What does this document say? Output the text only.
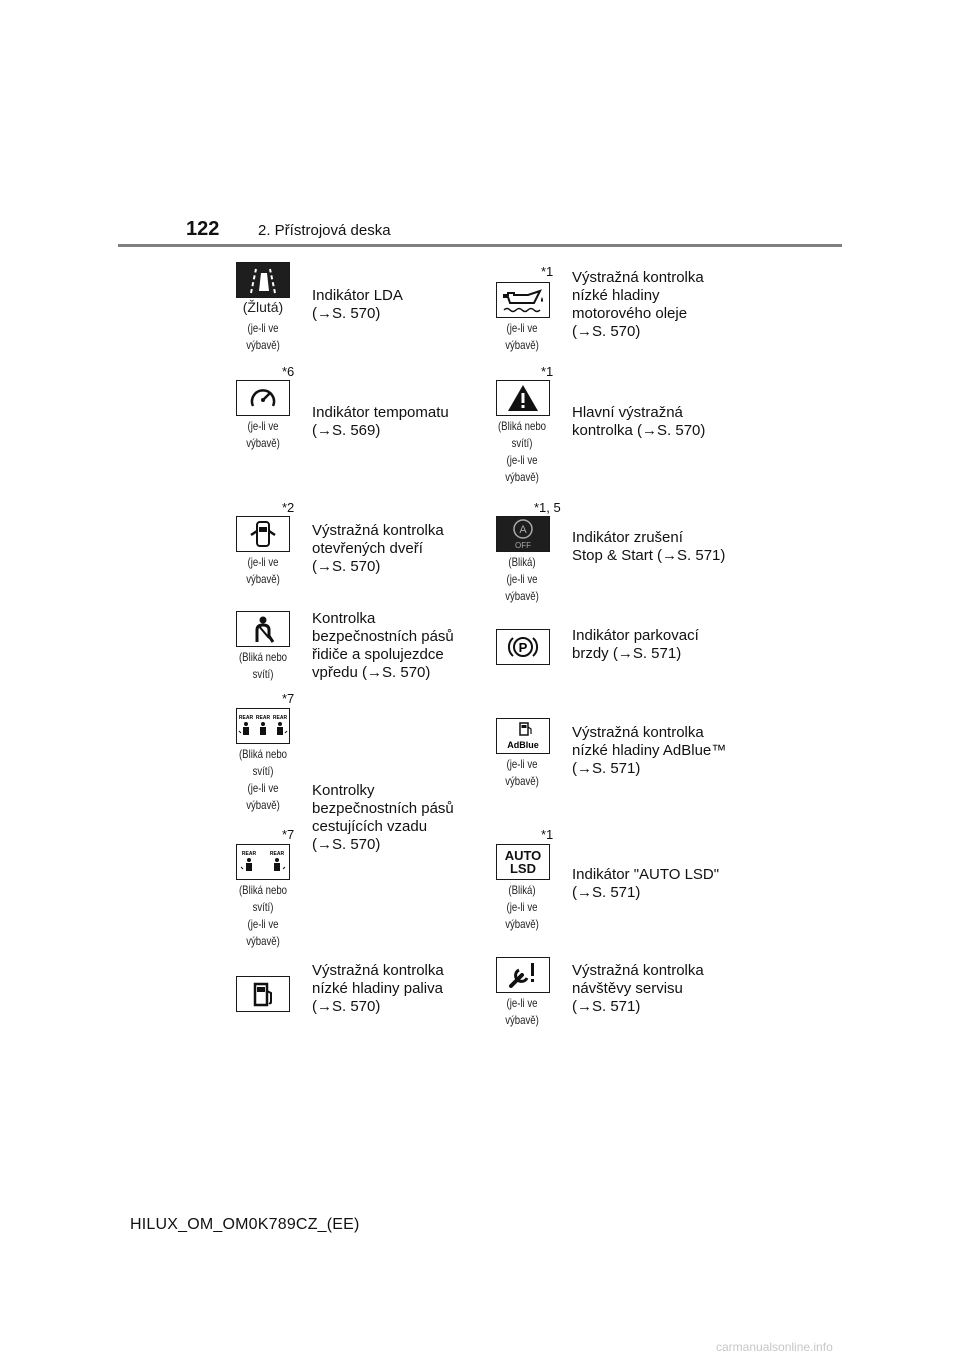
122	2. Přístrojová deska
(Žlutá)
(je-li ve
výbavě)
Indikátor LDA
(→S. 570)
*6
(je-li ve
výbavě)
Indikátor tempomatu
(→S. 569)
*2
(je-li ve
výbavě)
Výstražná kontrolka
otevřených dveří
(→S. 570)
(Bliká nebo
svítí)
Kontrolka
bezpečnostních pásů
řidiče a spolujezdce
vpředu (→S. 570)
*7
REAR REAR REAR
(Bliká nebo
svítí)
(je-li ve
výbavě)
Kontrolky
bezpečnostních pásů
cestujících vzadu
(→S. 570)
*7
REAR	REAR
(Bliká nebo
svítí)
(je-li ve
výbavě)
Výstražná kontrolka
nízké hladiny paliva
(→S. 570)
*1
(je-li ve
výbavě)
Výstražná kontrolka
nízké hladiny
motorového oleje
(→S. 570)
*1
(Bliká nebo
svítí)
(je-li ve
výbavě)
Hlavní výstražná
kontrolka (→S. 570)
*1, 5
A
OFF
(Bliká)
(je-li ve
výbavě)
Indikátor zrušení
Stop & Start (→S. 571)
P
Indikátor parkovací
brzdy (→S. 571)
AdBlue
(je-li ve
výbavě)
Výstražná kontrolka
nízké hladiny AdBlue™
(→S. 571)
*1
AUTO
LSD
(Bliká)
(je-li ve
výbavě)
Indikátor "AUTO LSD"
(→S. 571)
(je-li ve
výbavě)
Výstražná kontrolka
návštěvy servisu
(→S. 571)
HILUX_OM_OM0K789CZ_(EE)
carmanualsonline.info
